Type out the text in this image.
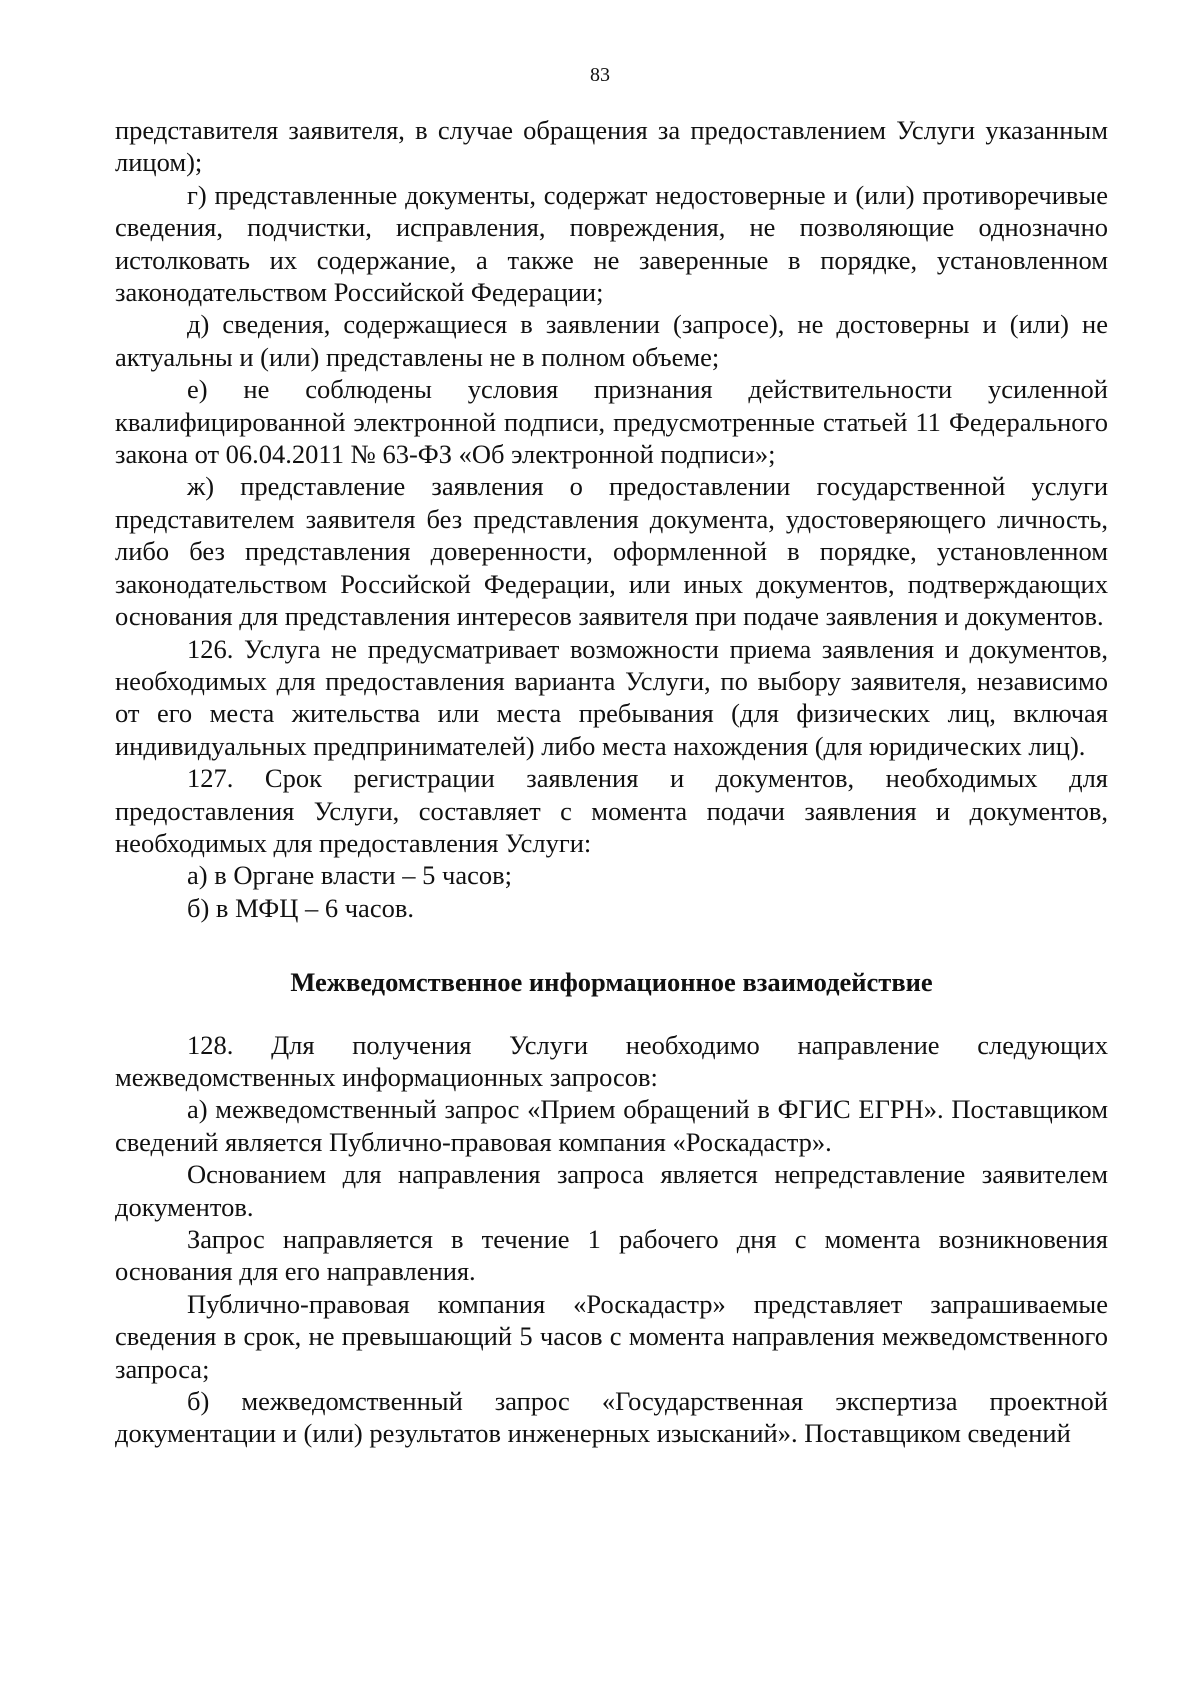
83

представителя заявителя, в случае обращения за предоставлением Услуги указанным лицом);

г) представленные документы, содержат недостоверные и (или) противоречивые сведения, подчистки, исправления, повреждения, не позволяющие однозначно истолковать их содержание, а также не заверенные в порядке, установленном законодательством Российской Федерации;

д) сведения, содержащиеся в заявлении (запросе), не достоверны и (или) не актуальны и (или) представлены не в полном объеме;

е) не соблюдены условия признания действительности усиленной квалифицированной электронной подписи, предусмотренные статьей 11 Федерального закона от 06.04.2011 № 63-ФЗ «Об электронной подписи»;

ж) представление заявления о предоставлении государственной услуги представителем заявителя без представления документа, удостоверяющего личность, либо без представления доверенности, оформленной в порядке, установленном законодательством Российской Федерации, или иных документов, подтверждающих основания для представления интересов заявителя при подаче заявления и документов.

126. Услуга не предусматривает возможности приема заявления и документов, необходимых для предоставления варианта Услуги, по выбору заявителя, независимо от его места жительства или места пребывания (для физических лиц, включая индивидуальных предпринимателей) либо места нахождения (для юридических лиц).

127. Срок регистрации заявления и документов, необходимых для предоставления Услуги, составляет с момента подачи заявления и документов, необходимых для предоставления Услуги:

а) в Органе власти – 5 часов;

б) в МФЦ – 6 часов.

Межведомственное информационное взаимодействие

128. Для получения Услуги необходимо направление следующих межведомственных информационных запросов:

а) межведомственный запрос «Прием обращений в ФГИС ЕГРН». Поставщиком сведений является Публично-правовая компания «Роскадастр».

Основанием для направления запроса является непредставление заявителем документов.

Запрос направляется в течение 1 рабочего дня с момента возникновения основания для его направления.

Публично-правовая компания «Роскадастр» представляет запрашиваемые сведения в срок, не превышающий 5 часов с момента направления межведомственного запроса;

б) межведомственный запрос «Государственная экспертиза проектной документации и (или) результатов инженерных изысканий». Поставщиком сведений
